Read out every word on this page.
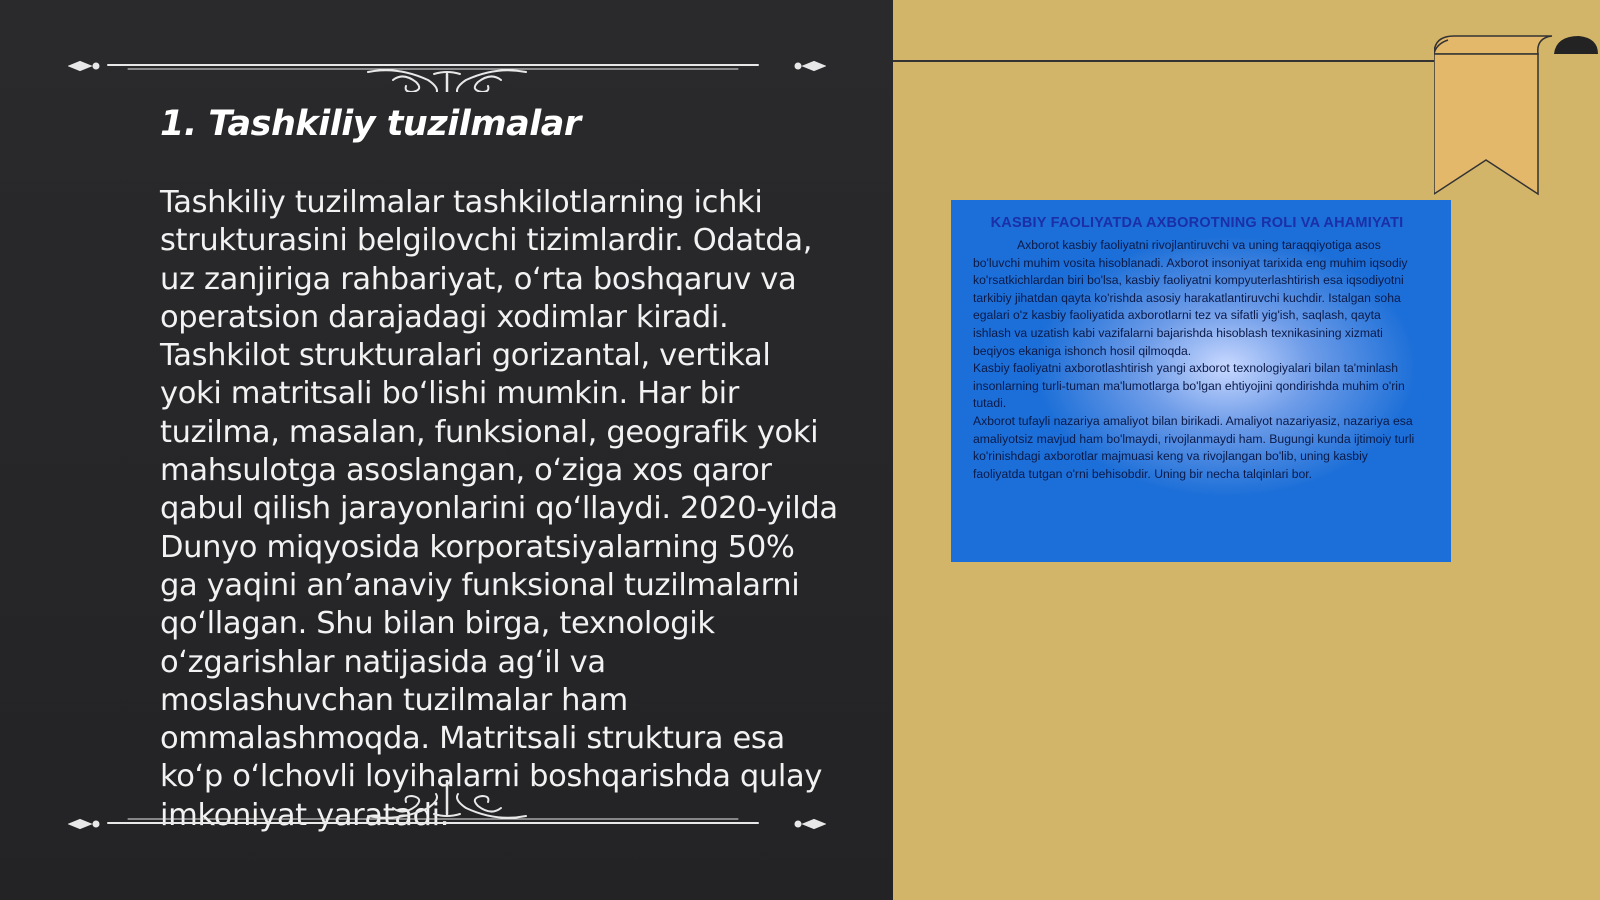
1. Tashkiliy tuzilmalar

Tashkiliy tuzilmalar tashkilotlarning ichki strukturasini belgilovchi tizimlardir. Odatda, uz zanjiriga rahbariyat, o‘rta boshqaruv va operatsion darajadagi xodimlar kiradi. Tashkilot strukturalari gorizantal, vertikal yoki matritsali bo‘lishi mumkin. Har bir tuzilma, masalan, funksional, geografik yoki mahsulotga asoslangan, o‘ziga xos qaror qabul qilish jarayonlarini qo‘llaydi. 2020-yilda Dunyo miqyosida korporatsiyalarning 50% ga yaqini an’anaviy funksional tuzilmalarni qo‘llagan. Shu bilan birga, texnologik o‘zgarishlar natijasida ag‘il va moslashuvchan tuzilmalar ham ommalashmoqda. Matritsali struktura esa ko‘p o‘lchovli loyihalarni boshqarishda qulay imkoniyat yaratadi.

KASBIY FAOLIYATDA AXBOROTNING ROLI VA AHAMIYATI

Axborot kasbiy faoliyatni rivojlantiruvchi va uning taraqqiyotiga asos bo'luvchi muhim vosita hisoblanadi. Axborot insoniyat tarixida eng muhim iqsodiy ko'rsatkichlardan biri bo'lsa, kasbiy faoliyatni kompyuterlashtirish esa iqsodiyotni tarkibiy jihatdan qayta ko'rishda asosiy harakatlantiruvchi kuchdir. Istalgan soha egalari o'z kasbiy faoliyatida axborotlarni tez va sifatli yig'ish, saqlash, qayta ishlash va uzatish kabi vazifalarni bajarishda hisoblash texnikasining xizmati beqiyos ekaniga ishonch hosil qilmoqda.

Kasbiy faoliyatni axborotlashtirish yangi axborot texnologiyalari bilan ta'minlash insonlarning turli-tuman ma'lumotlarga bo'lgan ehtiyojini qondirishda muhim o'rin tutadi.

Axborot tufayli nazariya amaliyot bilan birikadi. Amaliyot nazariyasiz, nazariya esa amaliyotsiz mavjud ham bo'lmaydi, rivojlanmaydi ham. Bugungi kunda ijtimoiy turli ko'rinishdagi axborotlar majmuasi keng va rivojlangan bo'lib, uning kasbiy faoliyatda tutgan o'rni behisobdir. Uning bir necha talqinlari bor.
